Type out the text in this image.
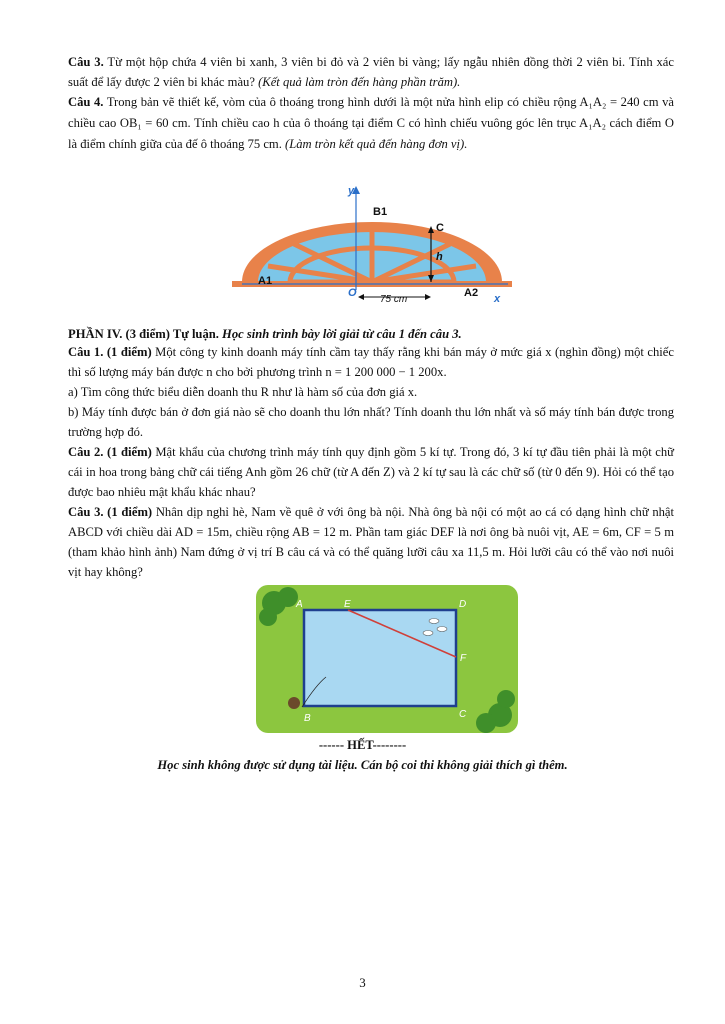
Câu 3. Từ một hộp chứa 4 viên bi xanh, 3 viên bi đỏ và 2 viên bi vàng; lấy ngẫu nhiên đồng thời 2 viên bi. Tính xác suất để lấy được 2 viên bi khác màu? (Kết quả làm tròn đến hàng phần trăm).
Câu 4. Trong bản vẽ thiết kế, vòm của ô thoáng trong hình dưới là một nửa hình elip có chiều rộng A₁A₂ = 240 cm và chiều cao OB₁ = 60 cm. Tính chiều cao h của ô thoáng tại điểm C có hình chiếu vuông góc lên trục A₁A₂ cách điểm O là điểm chính giữa của đế ô thoáng 75 cm. (Làm tròn kết quả đến hàng đơn vị).
y
B1
C
h
A1
O	A2 x
75 cm
PHẦN IV. (3 điểm) Tự luận. Học sinh trình bày lời giải từ câu 1 đến câu 3.
Câu 1. (1 điểm) Một công ty kinh doanh máy tính cầm tay thấy rằng khi bán máy ở mức giá x (nghìn đồng) một chiếc thì số lượng máy bán được n cho bởi phương trình n = 1 200 000 − 1 200x.
a) Tìm công thức biểu diễn doanh thu R như là hàm số của đơn giá x.
b) Máy tính được bán ở đơn giá nào sẽ cho doanh thu lớn nhất? Tính doanh thu lớn nhất và số máy tính bán được trong trường hợp đó.
Câu 2. (1 điểm) Mật khẩu của chương trình máy tính quy định gồm 5 kí tự. Trong đó, 3 kí tự đầu tiên phải là một chữ cái in hoa trong bảng chữ cái tiếng Anh gồm 26 chữ (từ A đến Z) và 2 kí tự sau là các chữ số (từ 0 đến 9). Hỏi có thể tạo được bao nhiêu mật khẩu khác nhau?
Câu 3. (1 điểm) Nhân dịp nghỉ hè, Nam về quê ở với ông bà nội. Nhà ông bà nội có một ao cá có dạng hình chữ nhật ABCD với chiều dài AD = 15m, chiều rộng AB = 12 m. Phần tam giác DEF là nơi ông bà nuôi vịt, AE = 6m, CF = 5 m (tham khảo hình ảnh) Nam đứng ở vị trí B câu cá và có thể quăng lưỡi câu xa 11,5 m. Hỏi lưỡi câu có thể vào nơi nuôi vịt hay không?
A	E	D
F
B	C
------ HẾT--------
Học sinh không được sử dụng tài liệu. Cán bộ coi thi không giải thích gì thêm.
3
